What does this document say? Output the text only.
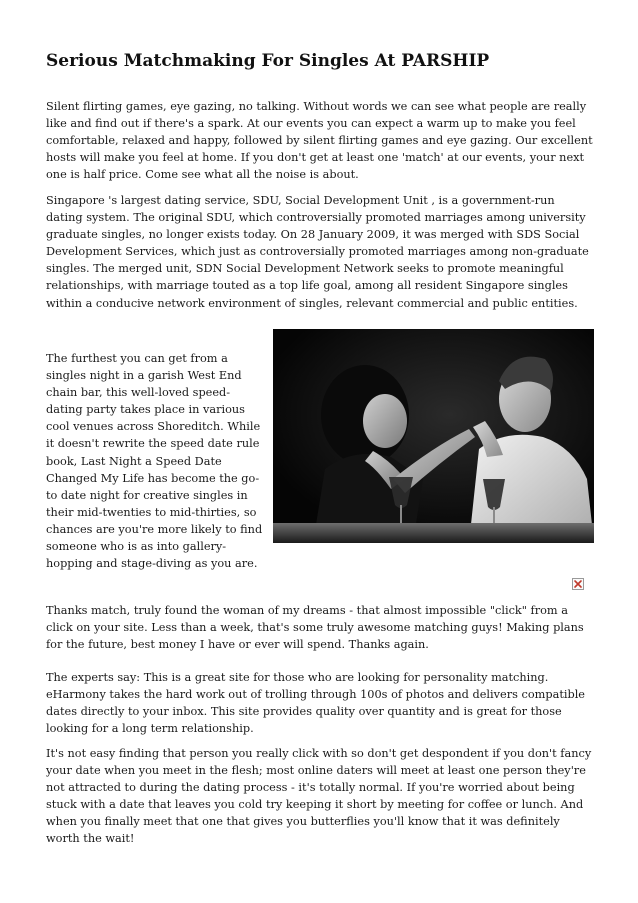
Serious Matchmaking For Singles At PARSHIP

Silent flirting games, eye gazing, no talking. Without words we can see what people are really like and find out if there's a spark. At our events you can expect a warm up to make you feel comfortable, relaxed and happy, followed by silent flirting games and eye gazing. Our excellent hosts will make you feel at home. If you don't get at least one 'match' at our events, your next one is half price. Come see what all the noise is about.

Singapore 's largest dating service, SDU, Social Development Unit , is a government-run dating system. The original SDU, which controversially promoted marriages among university graduate singles, no longer exists today. On 28 January 2009, it was merged with SDS Social Development Services, which just as controversially promoted marriages among non-graduate singles. The merged unit, SDN Social Development Network seeks to promote meaningful relationships, with marriage touted as a top life goal, among all resident Singapore singles within a conducive network environment of singles, relevant commercial and public entities.

The furthest you can get from a singles night in a garish West End chain bar, this well-loved speed-dating party takes place in various cool venues across Shoreditch. While it doesn't rewrite the speed date rule book, Last Night a Speed Date Changed My Life has become the go-to date night for creative singles in their mid-twenties to mid-thirties, so chances are you're more likely to find someone who is as into gallery-hopping and stage-diving as you are.

Thanks match, truly found the woman of my dreams - that almost impossible "click" from a click on your site. Less than a week, that's some truly awesome matching guys! Making plans for the future, best money I have or ever will spend. Thanks again.

The experts say: This is a great site for those who are looking for personality matching. eHarmony takes the hard work out of trolling through 100s of photos and delivers compatible dates directly to your inbox. This site provides quality over quantity and is great for those looking for a long term relationship.

It's not easy finding that person you really click with so don't get despondent if you don't fancy your date when you meet in the flesh; most online daters will meet at least one person they're not attracted to during the dating process - it's totally normal. If you're worried about being stuck with a date that leaves you cold try keeping it short by meeting for coffee or lunch. And when you finally meet that one that gives you butterflies you'll know that it was definitely worth the wait!
